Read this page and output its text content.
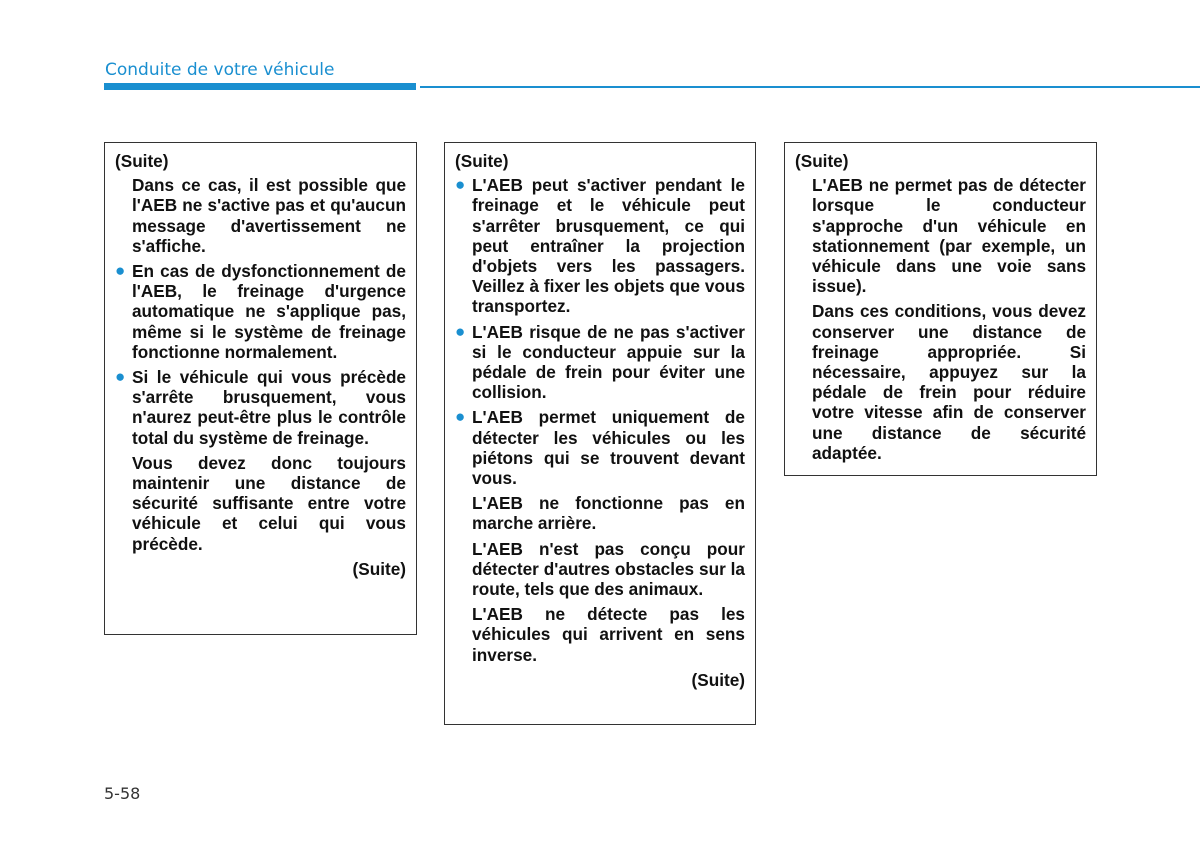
Conduite de votre véhicule
(Suite)
Dans ce cas, il est possible que l'AEB ne s'active pas et qu'aucun message d'avertissement ne s'affiche.
● En cas de dysfonctionnement de l'AEB, le freinage d'urgence automatique ne s'applique pas, même si le système de freinage fonctionne normalement.
● Si le véhicule qui vous précède s'arrête brusquement, vous n'aurez peut-être plus le contrôle total du système de freinage.
Vous devez donc toujours maintenir une distance de sécurité suffisante entre votre véhicule et celui qui vous précède.
(Suite)
(Suite)
● L'AEB peut s'activer pendant le freinage et le véhicule peut s'arrêter brusquement, ce qui peut entraîner la projection d'objets vers les passagers. Veillez à fixer les objets que vous transportez.
● L'AEB risque de ne pas s'activer si le conducteur appuie sur la pédale de frein pour éviter une collision.
● L'AEB permet uniquement de détecter les véhicules ou les piétons qui se trouvent devant vous.
L'AEB ne fonctionne pas en marche arrière.
L'AEB n'est pas conçu pour détecter d'autres obstacles sur la route, tels que des animaux.
L'AEB ne détecte pas les véhicules qui arrivent en sens inverse.
(Suite)
(Suite)
L'AEB ne permet pas de détecter lorsque le conducteur s'approche d'un véhicule en stationnement (par exemple, un véhicule dans une voie sans issue).
Dans ces conditions, vous devez conserver une distance de freinage appropriée. Si nécessaire, appuyez sur la pédale de frein pour réduire votre vitesse afin de conserver une distance de sécurité adaptée.
5-58
